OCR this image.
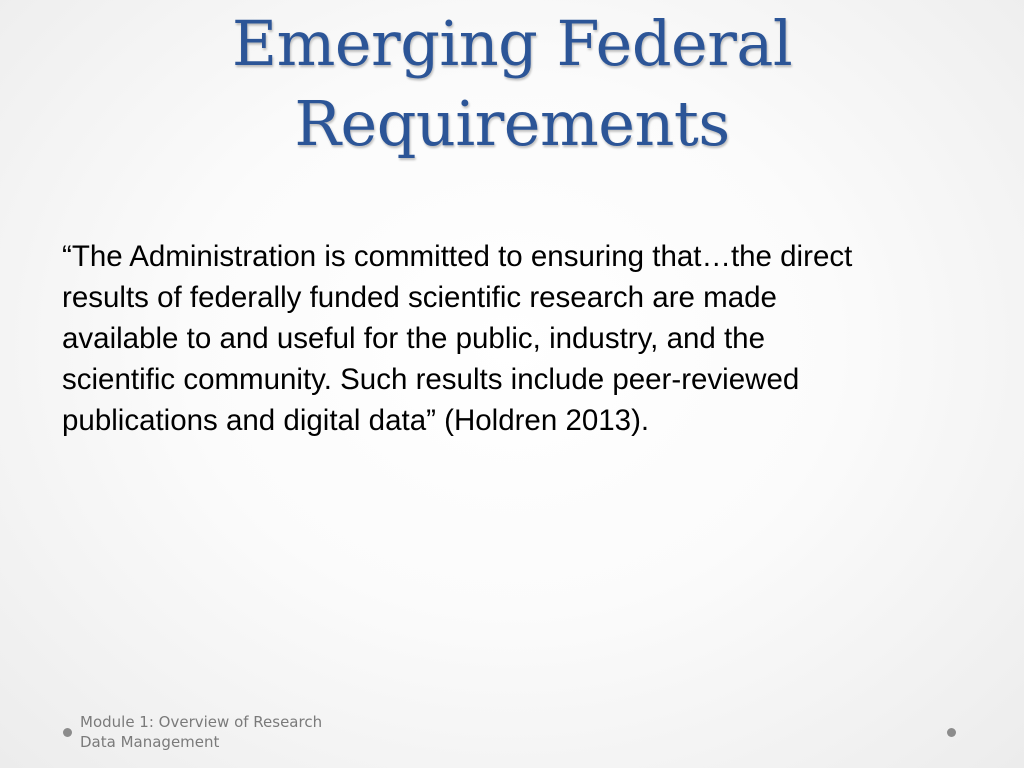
Emerging Federal
Requirements

“The Administration is committed to ensuring that…the direct
results of federally funded scientific research are made
available to and useful for the public, industry, and the
scientific community. Such results include peer-reviewed
publications and digital data” (Holdren 2013).

Module 1: Overview of Research
Data Management
